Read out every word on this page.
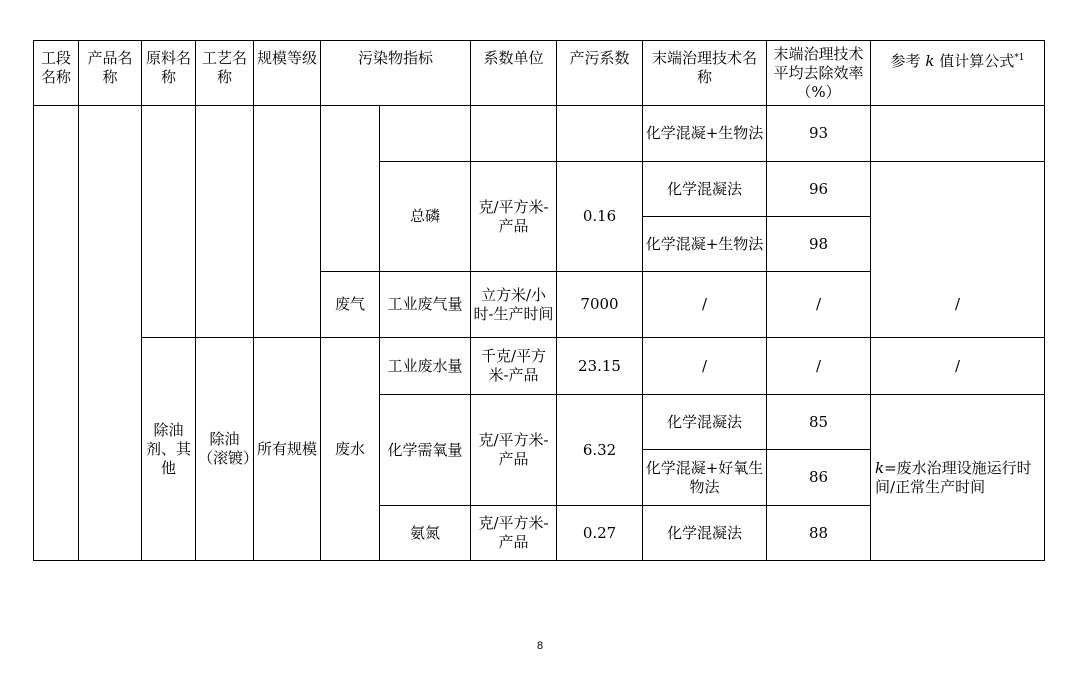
工段名称	产品名称	原料名称	工艺名称	规模等级	污染物指标		系数单位	产污系数	末端治理技术名称	末端治理技术平均去除效率（%）	参考 k 值计算公式$^{*1}$
									化学混凝+生物法	93	
						总磷	克/平方米-产品	0.16	化学混凝法	96	
									化学混凝+生物法	98	
					废气	工业废气量	立方米/小时-生产时间	7000	/	/	/
		除油剂、其他	除油（滚镀）	所有规模	废水	工业废水量	千克/平方米-产品	23.15	/	/	/
						化学需氧量	克/平方米-产品	6.32	化学混凝法	85	k=废水治理设施运行时间/正常生产时间
									化学混凝+好氧生物法	86	
						氨氮	克/平方米-产品	0.27	化学混凝法	88	
8
